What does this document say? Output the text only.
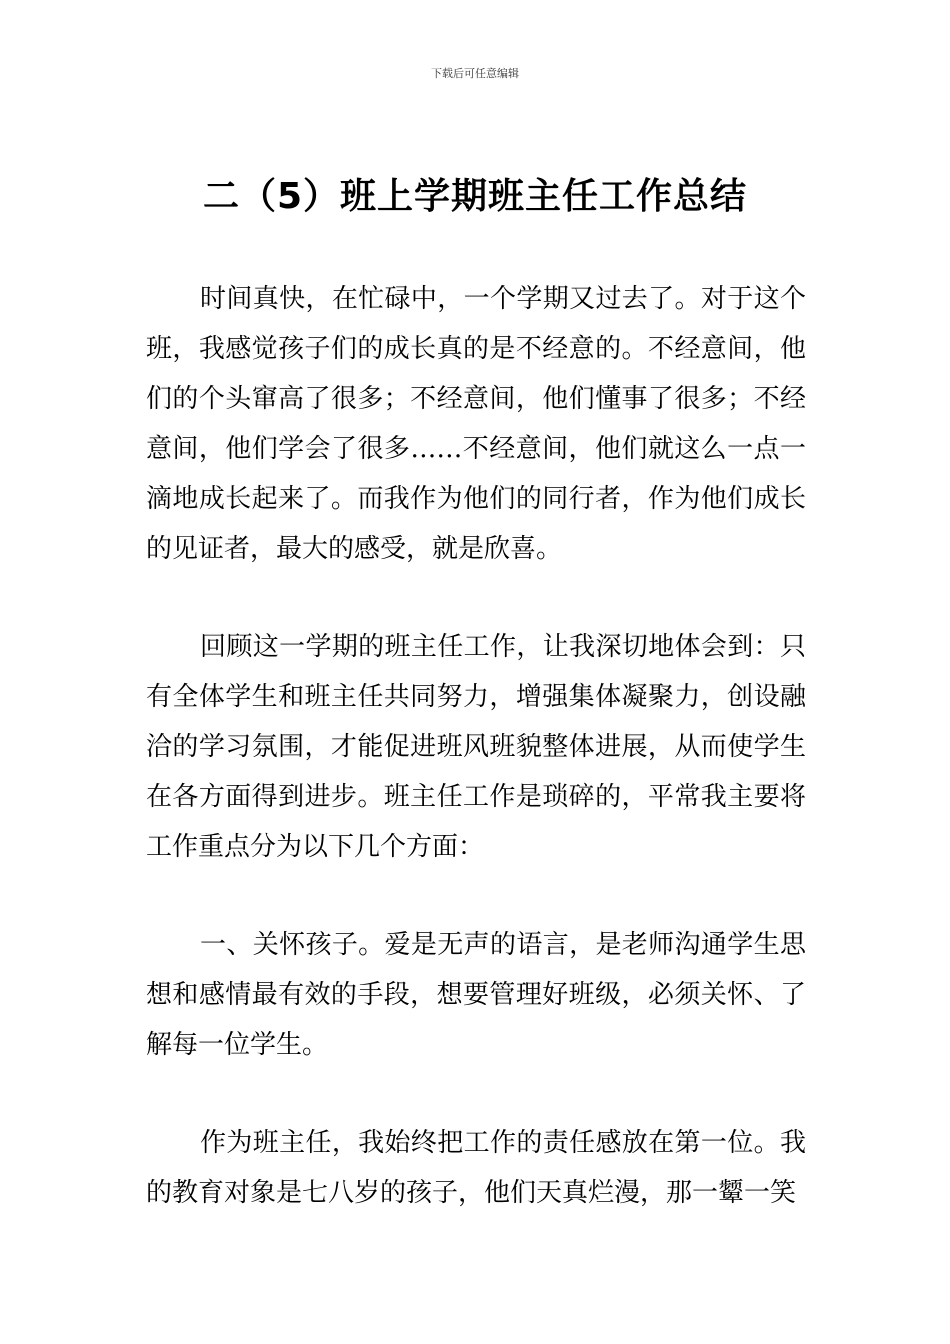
下载后可任意编辑
二（5）班上学期班主任工作总结

时间真快，在忙碌中，一个学期又过去了。对于这个班，我感觉孩子们的成长真的是不经意的。不经意间，他们的个头窜高了很多；不经意间，他们懂事了很多；不经意间，他们学会了很多……不经意间，他们就这么一点一滴地成长起来了。而我作为他们的同行者，作为他们成长的见证者，最大的感受，就是欣喜。

回顾这一学期的班主任工作，让我深切地体会到：只有全体学生和班主任共同努力，增强集体凝聚力，创设融洽的学习氛围，才能促进班风班貌整体进展，从而使学生在各方面得到进步。班主任工作是琐碎的，平常我主要将工作重点分为以下几个方面：

一、关怀孩子。爱是无声的语言，是老师沟通学生思想和感情最有效的手段，想要管理好班级，必须关怀、了解每一位学生。

作为班主任，我始终把工作的责任感放在第一位。我的教育对象是七八岁的孩子，他们天真烂漫，那一颦一笑
